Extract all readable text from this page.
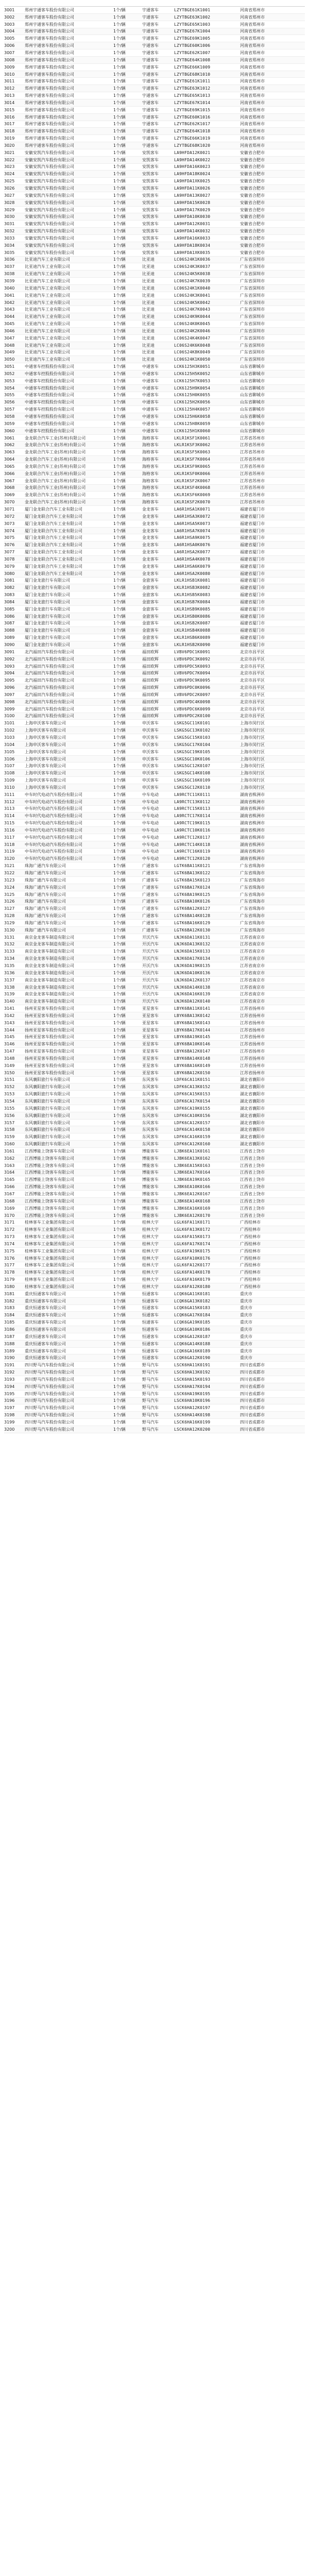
3001	郑州宇通客车股份有限公司	1个/辆	宇通客车	LZYTBGE61K1001	河南省郑州市
3002	郑州宇通客车股份有限公司	1个/辆	宇通客车	LZYTBGE63K1002	河南省郑州市
3003	郑州宇通客车股份有限公司	1个/辆	宇通客车	LZYTBGE65K1003	河南省郑州市
3004	郑州宇通客车股份有限公司	1个/辆	宇通客车	LZYTBGE67K1004	河南省郑州市
3005	郑州宇通客车股份有限公司	1个/辆	宇通客车	LZYTBGE69K1005	河南省郑州市
3006	郑州宇通客车股份有限公司	1个/辆	宇通客车	LZYTBGE60K1006	河南省郑州市
3007	郑州宇通客车股份有限公司	1个/辆	宇通客车	LZYTBGE62K1007	河南省郑州市
3008	郑州宇通客车股份有限公司	1个/辆	宇通客车	LZYTBGE64K1008	河南省郑州市
3009	郑州宇通客车股份有限公司	1个/辆	宇通客车	LZYTBGE66K1009	河南省郑州市
3010	郑州宇通客车股份有限公司	1个/辆	宇通客车	LZYTBGE68K1010	河南省郑州市
3011	郑州宇通客车股份有限公司	1个/辆	宇通客车	LZYTBGE61K1011	河南省郑州市
3012	郑州宇通客车股份有限公司	1个/辆	宇通客车	LZYTBGE63K1012	河南省郑州市
3013	郑州宇通客车股份有限公司	1个/辆	宇通客车	LZYTBGE65K1013	河南省郑州市
3014	郑州宇通客车股份有限公司	1个/辆	宇通客车	LZYTBGE67K1014	河南省郑州市
3015	郑州宇通客车股份有限公司	1个/辆	宇通客车	LZYTBGE69K1015	河南省郑州市
3016	郑州宇通客车股份有限公司	1个/辆	宇通客车	LZYTBGE60K1016	河南省郑州市
3017	郑州宇通客车股份有限公司	1个/辆	宇通客车	LZYTBGE62K1017	河南省郑州市
3018	郑州宇通客车股份有限公司	1个/辆	宇通客车	LZYTBGE64K1018	河南省郑州市
3019	郑州宇通客车股份有限公司	1个/辆	宇通客车	LZYTBGE66K1019	河南省郑州市
3020	郑州宇通客车股份有限公司	1个/辆	宇通客车	LZYTBGE68K1020	河南省郑州市
3021	安徽安凯汽车股份有限公司	1个/辆	安凯客车	LA9HFDA12K0021	安徽省合肥市
3022	安徽安凯汽车股份有限公司	1个/辆	安凯客车	LA9HFDA14K0022	安徽省合肥市
3023	安徽安凯汽车股份有限公司	1个/辆	安凯客车	LA9HFDA16K0023	安徽省合肥市
3024	安徽安凯汽车股份有限公司	1个/辆	安凯客车	LA9HFDA18K0024	安徽省合肥市
3025	安徽安凯汽车股份有限公司	1个/辆	安凯客车	LA9HFDA1XK0025	安徽省合肥市
3026	安徽安凯汽车股份有限公司	1个/辆	安凯客车	LA9HFDA11K0026	安徽省合肥市
3027	安徽安凯汽车股份有限公司	1个/辆	安凯客车	LA9HFDA13K0027	安徽省合肥市
3028	安徽安凯汽车股份有限公司	1个/辆	安凯客车	LA9HFDA15K0028	安徽省合肥市
3029	安徽安凯汽车股份有限公司	1个/辆	安凯客车	LA9HFDA17K0029	安徽省合肥市
3030	安徽安凯汽车股份有限公司	1个/辆	安凯客车	LA9HFDA10K0030	安徽省合肥市
3031	安徽安凯汽车股份有限公司	1个/辆	安凯客车	LA9HFDA12K0031	安徽省合肥市
3032	安徽安凯汽车股份有限公司	1个/辆	安凯客车	LA9HFDA14K0032	安徽省合肥市
3033	安徽安凯汽车股份有限公司	1个/辆	安凯客车	LA9HFDA16K0033	安徽省合肥市
3034	安徽安凯汽车股份有限公司	1个/辆	安凯客车	LA9HFDA18K0034	安徽省合肥市
3035	安徽安凯汽车股份有限公司	1个/辆	安凯客车	LA9HFDA1XK0035	安徽省合肥市
3036	比亚迪汽车工业有限公司	1个/辆	比亚迪	LC06S24K1K0036	广东省深圳市
3037	比亚迪汽车工业有限公司	1个/辆	比亚迪	LC06S24K3K0037	广东省深圳市
3038	比亚迪汽车工业有限公司	1个/辆	比亚迪	LC06S24K5K0038	广东省深圳市
3039	比亚迪汽车工业有限公司	1个/辆	比亚迪	LC06S24K7K0039	广东省深圳市
3040	比亚迪汽车工业有限公司	1个/辆	比亚迪	LC06S24K1K0040	广东省深圳市
3041	比亚迪汽车工业有限公司	1个/辆	比亚迪	LC06S24K3K0041	广东省深圳市
3042	比亚迪汽车工业有限公司	1个/辆	比亚迪	LC06S24K5K0042	广东省深圳市
3043	比亚迪汽车工业有限公司	1个/辆	比亚迪	LC06S24K7K0043	广东省深圳市
3044	比亚迪汽车工业有限公司	1个/辆	比亚迪	LC06S24K9K0044	广东省深圳市
3045	比亚迪汽车工业有限公司	1个/辆	比亚迪	LC06S24K0K0045	广东省深圳市
3046	比亚迪汽车工业有限公司	1个/辆	比亚迪	LC06S24K2K0046	广东省深圳市
3047	比亚迪汽车工业有限公司	1个/辆	比亚迪	LC06S24K4K0047	广东省深圳市
3048	比亚迪汽车工业有限公司	1个/辆	比亚迪	LC06S24K6K0048	广东省深圳市
3049	比亚迪汽车工业有限公司	1个/辆	比亚迪	LC06S24K8K0049	广东省深圳市
3050	比亚迪汽车工业有限公司	1个/辆	比亚迪	LC06S24K1K0050	广东省深圳市
3051	中通客车控股股份有限公司	1个/辆	中通客车	LCK6125H3K0051	山东省聊城市
3052	中通客车控股股份有限公司	1个/辆	中通客车	LCK6125H5K0052	山东省聊城市
3053	中通客车控股股份有限公司	1个/辆	中通客车	LCK6125H7K0053	山东省聊城市
3054	中通客车控股股份有限公司	1个/辆	中通客车	LCK6125H9K0054	山东省聊城市
3055	中通客车控股股份有限公司	1个/辆	中通客车	LCK6125H0K0055	山东省聊城市
3056	中通客车控股股份有限公司	1个/辆	中通客车	LCK6125H2K0056	山东省聊城市
3057	中通客车控股股份有限公司	1个/辆	中通客车	LCK6125H4K0057	山东省聊城市
3058	中通客车控股股份有限公司	1个/辆	中通客车	LCK6125H6K0058	山东省聊城市
3059	中通客车控股股份有限公司	1个/辆	中通客车	LCK6125H8K0059	山东省聊城市
3060	中通客车控股股份有限公司	1个/辆	中通客车	LCK6125H1K0060	山东省聊城市
3061	金龙联合汽车工业(苏州)有限公司	1个/辆	海格客车	LKLR1KSF1K0061	江苏省苏州市
3062	金龙联合汽车工业(苏州)有限公司	1个/辆	海格客车	LKLR1KSF3K0062	江苏省苏州市
3063	金龙联合汽车工业(苏州)有限公司	1个/辆	海格客车	LKLR1KSF5K0063	江苏省苏州市
3064	金龙联合汽车工业(苏州)有限公司	1个/辆	海格客车	LKLR1KSF7K0064	江苏省苏州市
3065	金龙联合汽车工业(苏州)有限公司	1个/辆	海格客车	LKLR1KSF9K0065	江苏省苏州市
3066	金龙联合汽车工业(苏州)有限公司	1个/辆	海格客车	LKLR1KSF0K0066	江苏省苏州市
3067	金龙联合汽车工业(苏州)有限公司	1个/辆	海格客车	LKLR1KSF2K0067	江苏省苏州市
3068	金龙联合汽车工业(苏州)有限公司	1个/辆	海格客车	LKLR1KSF4K0068	江苏省苏州市
3069	金龙联合汽车工业(苏州)有限公司	1个/辆	海格客车	LKLR1KSF6K0069	江苏省苏州市
3070	金龙联合汽车工业(苏州)有限公司	1个/辆	海格客车	LKLR1KSF2K0070	江苏省苏州市
3071	厦门金龙联合汽车工业有限公司	1个/辆	金龙客车	LA6R1HSA1K0071	福建省厦门市
3072	厦门金龙联合汽车工业有限公司	1个/辆	金龙客车	LA6R1HSA3K0072	福建省厦门市
3073	厦门金龙联合汽车工业有限公司	1个/辆	金龙客车	LA6R1HSA5K0073	福建省厦门市
3074	厦门金龙联合汽车工业有限公司	1个/辆	金龙客车	LA6R1HSA7K0074	福建省厦门市
3075	厦门金龙联合汽车工业有限公司	1个/辆	金龙客车	LA6R1HSA9K0075	福建省厦门市
3076	厦门金龙联合汽车工业有限公司	1个/辆	金龙客车	LA6R1HSA0K0076	福建省厦门市
3077	厦门金龙联合汽车工业有限公司	1个/辆	金龙客车	LA6R1HSA2K0077	福建省厦门市
3078	厦门金龙联合汽车工业有限公司	1个/辆	金龙客车	LA6R1HSA4K0078	福建省厦门市
3079	厦门金龙联合汽车工业有限公司	1个/辆	金龙客车	LA6R1HSA6K0079	福建省厦门市
3080	厦门金龙联合汽车工业有限公司	1个/辆	金龙客车	LA6R1HSA2K0080	福建省厦门市
3081	厦门金龙旅行车有限公司	1个/辆	金旅客车	LKLR1HSB1K0081	福建省厦门市
3082	厦门金龙旅行车有限公司	1个/辆	金旅客车	LKLR1HSB3K0082	福建省厦门市
3083	厦门金龙旅行车有限公司	1个/辆	金旅客车	LKLR1HSB5K0083	福建省厦门市
3084	厦门金龙旅行车有限公司	1个/辆	金旅客车	LKLR1HSB7K0084	福建省厦门市
3085	厦门金龙旅行车有限公司	1个/辆	金旅客车	LKLR1HSB9K0085	福建省厦门市
3086	厦门金龙旅行车有限公司	1个/辆	金旅客车	LKLR1HSB0K0086	福建省厦门市
3087	厦门金龙旅行车有限公司	1个/辆	金旅客车	LKLR1HSB2K0087	福建省厦门市
3088	厦门金龙旅行车有限公司	1个/辆	金旅客车	LKLR1HSB4K0088	福建省厦门市
3089	厦门金龙旅行车有限公司	1个/辆	金旅客车	LKLR1HSB6K0089	福建省厦门市
3090	厦门金龙旅行车有限公司	1个/辆	金旅客车	LKLR1HSB2K0090	福建省厦门市
3091	北汽福田汽车股份有限公司	1个/辆	福田欧辉	LVBV6PDC1K0091	北京市昌平区
3092	北汽福田汽车股份有限公司	1个/辆	福田欧辉	LVBV6PDC3K0092	北京市昌平区
3093	北汽福田汽车股份有限公司	1个/辆	福田欧辉	LVBV6PDC5K0093	北京市昌平区
3094	北汽福田汽车股份有限公司	1个/辆	福田欧辉	LVBV6PDC7K0094	北京市昌平区
3095	北汽福田汽车股份有限公司	1个/辆	福田欧辉	LVBV6PDC9K0095	北京市昌平区
3096	北汽福田汽车股份有限公司	1个/辆	福田欧辉	LVBV6PDC0K0096	北京市昌平区
3097	北汽福田汽车股份有限公司	1个/辆	福田欧辉	LVBV6PDC2K0097	北京市昌平区
3098	北汽福田汽车股份有限公司	1个/辆	福田欧辉	LVBV6PDC4K0098	北京市昌平区
3099	北汽福田汽车股份有限公司	1个/辆	福田欧辉	LVBV6PDC6K0099	北京市昌平区
3100	北汽福田汽车股份有限公司	1个/辆	福田欧辉	LVBV6PDC2K0100	北京市昌平区
3101	上海申沃客车有限公司	1个/辆	申沃客车	LSKG5GC11K0101	上海市闵行区
3102	上海申沃客车有限公司	1个/辆	申沃客车	LSKG5GC13K0102	上海市闵行区
3103	上海申沃客车有限公司	1个/辆	申沃客车	LSKG5GC15K0103	上海市闵行区
3104	上海申沃客车有限公司	1个/辆	申沃客车	LSKG5GC17K0104	上海市闵行区
3105	上海申沃客车有限公司	1个/辆	申沃客车	LSKG5GC19K0105	上海市闵行区
3106	上海申沃客车有限公司	1个/辆	申沃客车	LSKG5GC10K0106	上海市闵行区
3107	上海申沃客车有限公司	1个/辆	申沃客车	LSKG5GC12K0107	上海市闵行区
3108	上海申沃客车有限公司	1个/辆	申沃客车	LSKG5GC14K0108	上海市闵行区
3109	上海申沃客车有限公司	1个/辆	申沃客车	LSKG5GC16K0109	上海市闵行区
3110	上海申沃客车有限公司	1个/辆	申沃客车	LSKG5GC12K0110	上海市闵行区
3111	中车时代电动汽车股份有限公司	1个/辆	中车电动	LA9RCTC11K0111	湖南省株洲市
3112	中车时代电动汽车股份有限公司	1个/辆	中车电动	LA9RCTC13K0112	湖南省株洲市
3113	中车时代电动汽车股份有限公司	1个/辆	中车电动	LA9RCTC15K0113	湖南省株洲市
3114	中车时代电动汽车股份有限公司	1个/辆	中车电动	LA9RCTC17K0114	湖南省株洲市
3115	中车时代电动汽车股份有限公司	1个/辆	中车电动	LA9RCTC19K0115	湖南省株洲市
3116	中车时代电动汽车股份有限公司	1个/辆	中车电动	LA9RCTC10K0116	湖南省株洲市
3117	中车时代电动汽车股份有限公司	1个/辆	中车电动	LA9RCTC12K0117	湖南省株洲市
3118	中车时代电动汽车股份有限公司	1个/辆	中车电动	LA9RCTC14K0118	湖南省株洲市
3119	中车时代电动汽车股份有限公司	1个/辆	中车电动	LA9RCTC16K0119	湖南省株洲市
3120	中车时代电动汽车股份有限公司	1个/辆	中车电动	LA9RCTC12K0120	湖南省株洲市
3121	珠海广通汽车有限公司	1个/辆	广通客车	LGTK6BA11K0121	广东省珠海市
3122	珠海广通汽车有限公司	1个/辆	广通客车	LGTK6BA13K0122	广东省珠海市
3123	珠海广通汽车有限公司	1个/辆	广通客车	LGTK6BA15K0123	广东省珠海市
3124	珠海广通汽车有限公司	1个/辆	广通客车	LGTK6BA17K0124	广东省珠海市
3125	珠海广通汽车有限公司	1个/辆	广通客车	LGTK6BA19K0125	广东省珠海市
3126	珠海广通汽车有限公司	1个/辆	广通客车	LGTK6BA10K0126	广东省珠海市
3127	珠海广通汽车有限公司	1个/辆	广通客车	LGTK6BA12K0127	广东省珠海市
3128	珠海广通汽车有限公司	1个/辆	广通客车	LGTK6BA14K0128	广东省珠海市
3129	珠海广通汽车有限公司	1个/辆	广通客车	LGTK6BA16K0129	广东省珠海市
3130	珠海广通汽车有限公司	1个/辆	广通客车	LGTK6BA12K0130	广东省珠海市
3131	南京金龙客车制造有限公司	1个/辆	开沃汽车	LNJK6DA11K0131	江苏省南京市
3132	南京金龙客车制造有限公司	1个/辆	开沃汽车	LNJK6DA13K0132	江苏省南京市
3133	南京金龙客车制造有限公司	1个/辆	开沃汽车	LNJK6DA15K0133	江苏省南京市
3134	南京金龙客车制造有限公司	1个/辆	开沃汽车	LNJK6DA17K0134	江苏省南京市
3135	南京金龙客车制造有限公司	1个/辆	开沃汽车	LNJK6DA19K0135	江苏省南京市
3136	南京金龙客车制造有限公司	1个/辆	开沃汽车	LNJK6DA10K0136	江苏省南京市
3137	南京金龙客车制造有限公司	1个/辆	开沃汽车	LNJK6DA12K0137	江苏省南京市
3138	南京金龙客车制造有限公司	1个/辆	开沃汽车	LNJK6DA14K0138	江苏省南京市
3139	南京金龙客车制造有限公司	1个/辆	开沃汽车	LNJK6DA16K0139	江苏省南京市
3140	南京金龙客车制造有限公司	1个/辆	开沃汽车	LNJK6DA12K0140	江苏省南京市
3141	扬州亚星客车股份有限公司	1个/辆	亚星客车	LBYK6BA11K0141	江苏省扬州市
3142	扬州亚星客车股份有限公司	1个/辆	亚星客车	LBYK6BA13K0142	江苏省扬州市
3143	扬州亚星客车股份有限公司	1个/辆	亚星客车	LBYK6BA15K0143	江苏省扬州市
3144	扬州亚星客车股份有限公司	1个/辆	亚星客车	LBYK6BA17K0144	江苏省扬州市
3145	扬州亚星客车股份有限公司	1个/辆	亚星客车	LBYK6BA19K0145	江苏省扬州市
3146	扬州亚星客车股份有限公司	1个/辆	亚星客车	LBYK6BA10K0146	江苏省扬州市
3147	扬州亚星客车股份有限公司	1个/辆	亚星客车	LBYK6BA12K0147	江苏省扬州市
3148	扬州亚星客车股份有限公司	1个/辆	亚星客车	LBYK6BA14K0148	江苏省扬州市
3149	扬州亚星客车股份有限公司	1个/辆	亚星客车	LBYK6BA16K0149	江苏省扬州市
3150	扬州亚星客车股份有限公司	1个/辆	亚星客车	LBYK6BA12K0150	江苏省扬州市
3151	东风襄阳旅行车有限公司	1个/辆	东风客车	LDFK6CA11K0151	湖北省襄阳市
3152	东风襄阳旅行车有限公司	1个/辆	东风客车	LDFK6CA13K0152	湖北省襄阳市
3153	东风襄阳旅行车有限公司	1个/辆	东风客车	LDFK6CA15K0153	湖北省襄阳市
3154	东风襄阳旅行车有限公司	1个/辆	东风客车	LDFK6CA17K0154	湖北省襄阳市
3155	东风襄阳旅行车有限公司	1个/辆	东风客车	LDFK6CA19K0155	湖北省襄阳市
3156	东风襄阳旅行车有限公司	1个/辆	东风客车	LDFK6CA10K0156	湖北省襄阳市
3157	东风襄阳旅行车有限公司	1个/辆	东风客车	LDFK6CA12K0157	湖北省襄阳市
3158	东风襄阳旅行车有限公司	1个/辆	东风客车	LDFK6CA14K0158	湖北省襄阳市
3159	东风襄阳旅行车有限公司	1个/辆	东风客车	LDFK6CA16K0159	湖北省襄阳市
3160	东风襄阳旅行车有限公司	1个/辆	东风客车	LDFK6CA12K0160	湖北省襄阳市
3161	江西博能上饶客车有限公司	1个/辆	博能客车	LJBK6EA11K0161	江西省上饶市
3162	江西博能上饶客车有限公司	1个/辆	博能客车	LJBK6EA13K0162	江西省上饶市
3163	江西博能上饶客车有限公司	1个/辆	博能客车	LJBK6EA15K0163	江西省上饶市
3164	江西博能上饶客车有限公司	1个/辆	博能客车	LJBK6EA17K0164	江西省上饶市
3165	江西博能上饶客车有限公司	1个/辆	博能客车	LJBK6EA19K0165	江西省上饶市
3166	江西博能上饶客车有限公司	1个/辆	博能客车	LJBK6EA10K0166	江西省上饶市
3167	江西博能上饶客车有限公司	1个/辆	博能客车	LJBK6EA12K0167	江西省上饶市
3168	江西博能上饶客车有限公司	1个/辆	博能客车	LJBK6EA14K0168	江西省上饶市
3169	江西博能上饶客车有限公司	1个/辆	博能客车	LJBK6EA16K0169	江西省上饶市
3170	江西博能上饶客车有限公司	1个/辆	博能客车	LJBK6EA12K0170	江西省上饶市
3171	桂林客车工业集团有限公司	1个/辆	桂林大宇	LGLK6FA11K0171	广西桂林市
3172	桂林客车工业集团有限公司	1个/辆	桂林大宇	LGLK6FA13K0172	广西桂林市
3173	桂林客车工业集团有限公司	1个/辆	桂林大宇	LGLK6FA15K0173	广西桂林市
3174	桂林客车工业集团有限公司	1个/辆	桂林大宇	LGLK6FA17K0174	广西桂林市
3175	桂林客车工业集团有限公司	1个/辆	桂林大宇	LGLK6FA19K0175	广西桂林市
3176	桂林客车工业集团有限公司	1个/辆	桂林大宇	LGLK6FA10K0176	广西桂林市
3177	桂林客车工业集团有限公司	1个/辆	桂林大宇	LGLK6FA12K0177	广西桂林市
3178	桂林客车工业集团有限公司	1个/辆	桂林大宇	LGLK6FA14K0178	广西桂林市
3179	桂林客车工业集团有限公司	1个/辆	桂林大宇	LGLK6FA16K0179	广西桂林市
3180	桂林客车工业集团有限公司	1个/辆	桂林大宇	LGLK6FA12K0180	广西桂林市
3181	重庆恒通客车有限公司	1个/辆	恒通客车	LCQK6GA11K0181	重庆市
3182	重庆恒通客车有限公司	1个/辆	恒通客车	LCQK6GA13K0182	重庆市
3183	重庆恒通客车有限公司	1个/辆	恒通客车	LCQK6GA15K0183	重庆市
3184	重庆恒通客车有限公司	1个/辆	恒通客车	LCQK6GA17K0184	重庆市
3185	重庆恒通客车有限公司	1个/辆	恒通客车	LCQK6GA19K0185	重庆市
3186	重庆恒通客车有限公司	1个/辆	恒通客车	LCQK6GA10K0186	重庆市
3187	重庆恒通客车有限公司	1个/辆	恒通客车	LCQK6GA12K0187	重庆市
3188	重庆恒通客车有限公司	1个/辆	恒通客车	LCQK6GA14K0188	重庆市
3189	重庆恒通客车有限公司	1个/辆	恒通客车	LCQK6GA16K0189	重庆市
3190	重庆恒通客车有限公司	1个/辆	恒通客车	LCQK6GA12K0190	重庆市
3191	四川野马汽车股份有限公司	1个/辆	野马汽车	LSCK6HA11K0191	四川省成都市
3192	四川野马汽车股份有限公司	1个/辆	野马汽车	LSCK6HA13K0192	四川省成都市
3193	四川野马汽车股份有限公司	1个/辆	野马汽车	LSCK6HA15K0193	四川省成都市
3194	四川野马汽车股份有限公司	1个/辆	野马汽车	LSCK6HA17K0194	四川省成都市
3195	四川野马汽车股份有限公司	1个/辆	野马汽车	LSCK6HA19K0195	四川省成都市
3196	四川野马汽车股份有限公司	1个/辆	野马汽车	LSCK6HA10K0196	四川省成都市
3197	四川野马汽车股份有限公司	1个/辆	野马汽车	LSCK6HA12K0197	四川省成都市
3198	四川野马汽车股份有限公司	1个/辆	野马汽车	LSCK6HA14K0198	四川省成都市
3199	四川野马汽车股份有限公司	1个/辆	野马汽车	LSCK6HA16K0199	四川省成都市
3200	四川野马汽车股份有限公司	1个/辆	野马汽车	LSCK6HA12K0200	四川省成都市
